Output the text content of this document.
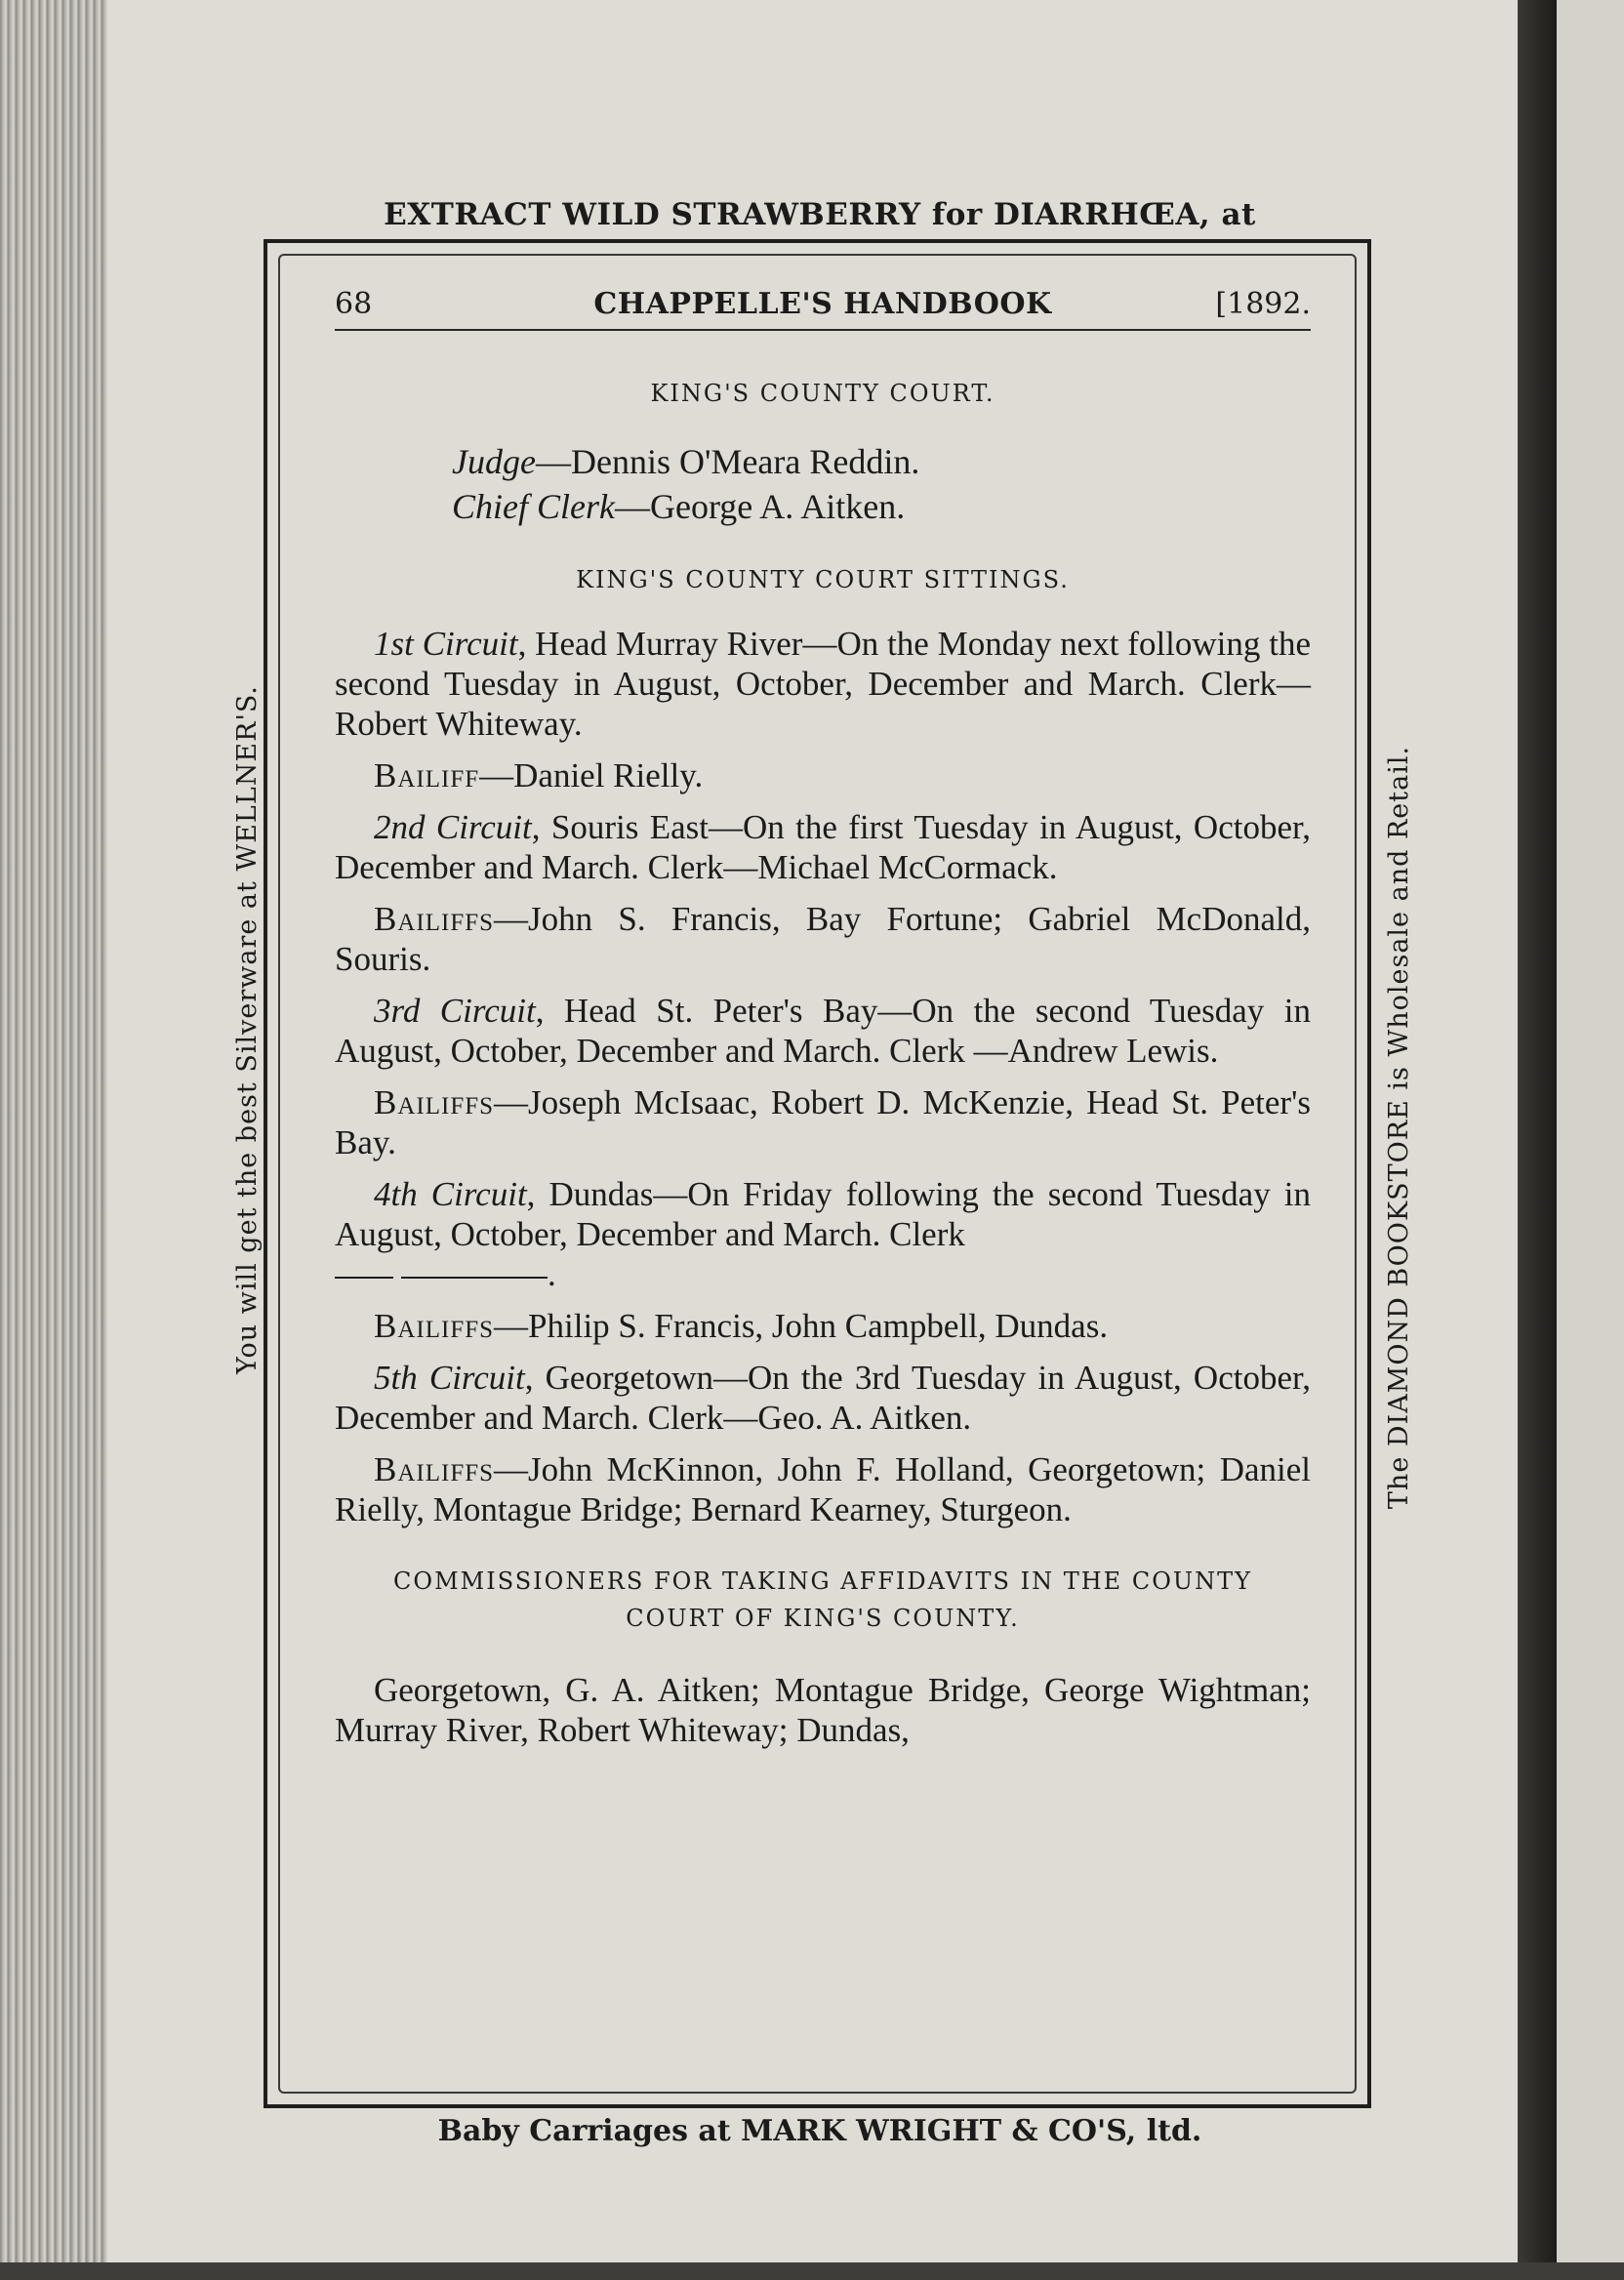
EXTRACT WILD STRAWBERRY for DIARRHŒA, at
Baby Carriages at MARK WRIGHT & CO'S, ltd.
You will get the best Silverware at WELLNER'S.	The DIAMOND BOOKSTORE is Wholesale and Retail.
68	CHAPPELLE'S HANDBOOK	[1892.
KING'S COUNTY COURT.
Judge—Dennis O'Meara Reddin.
Chief Clerk—George A. Aitken.
KING'S COUNTY COURT SITTINGS.
1st Circuit, Head Murray River—On the Monday next following the second Tuesday in August, October, December and March. Clerk—Robert Whiteway.
Bailiff—Daniel Rielly.
2nd Circuit, Souris East—On the first Tuesday in August, October, December and March. Clerk—Michael McCormack.
Bailiffs—John S. Francis, Bay Fortune; Gabriel McDonald, Souris.
3rd Circuit, Head St. Peter's Bay—On the second Tuesday in August, October, December and March. Clerk —Andrew Lewis.
Bailiffs—Joseph McIsaac, Robert D. McKenzie, Head St. Peter's Bay.
4th Circuit, Dundas—On Friday following the second Tuesday in August, October, December and March. Clerk
.
Bailiffs—Philip S. Francis, John Campbell, Dundas.
5th Circuit, Georgetown—On the 3rd Tuesday in August, October, December and March. Clerk—Geo. A. Aitken.
Bailiffs—John McKinnon, John F. Holland, Georgetown; Daniel Rielly, Montague Bridge; Bernard Kearney, Sturgeon.
COMMISSIONERS FOR TAKING AFFIDAVITS IN THE COUNTY
COURT OF KING'S COUNTY.
Georgetown, G. A. Aitken; Montague Bridge, George Wightman; Murray River, Robert Whiteway; Dundas,
